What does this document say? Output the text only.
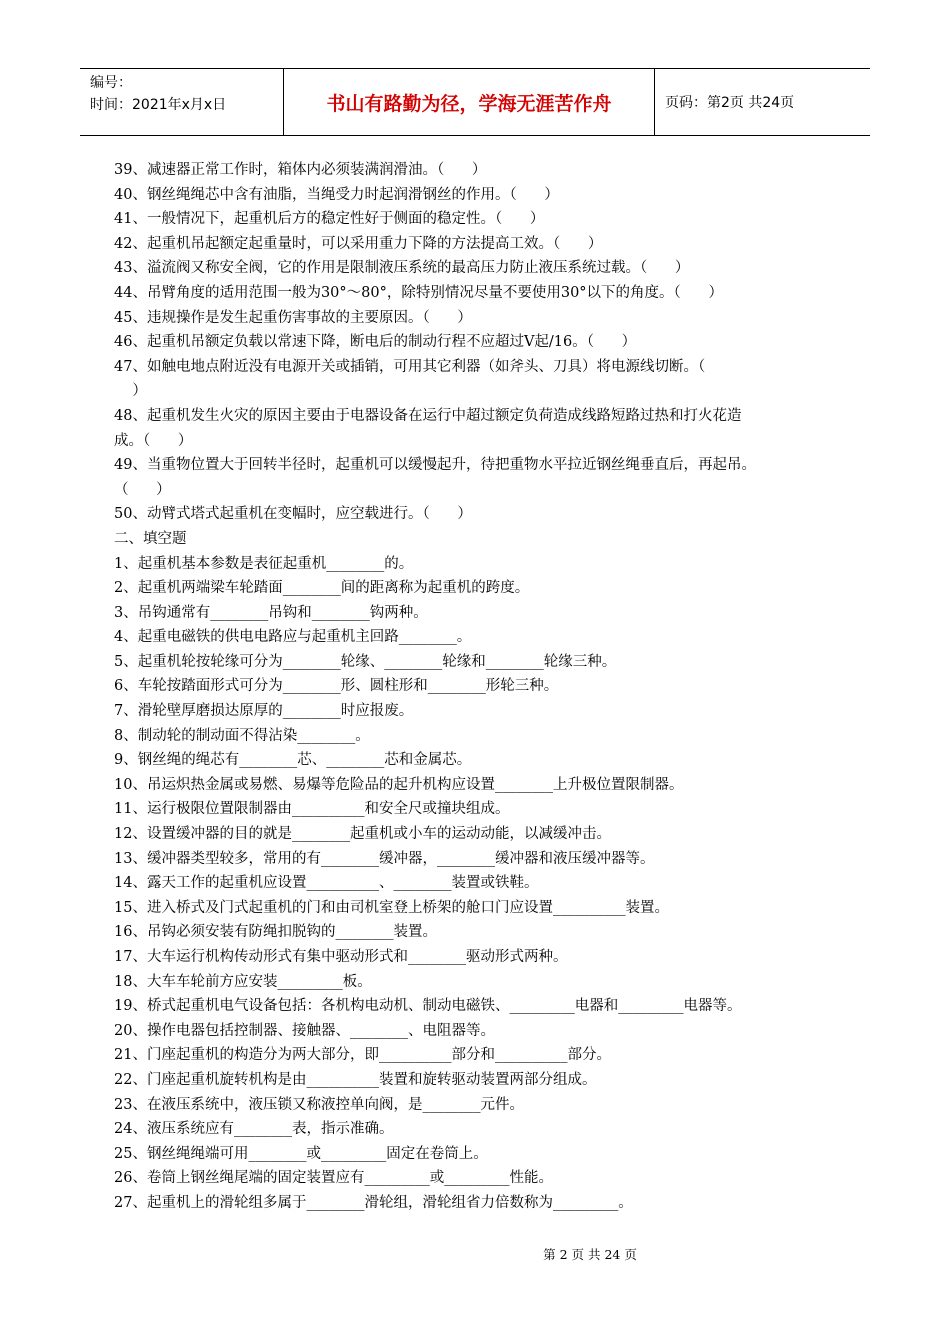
编号：
时间：2021年x月x日	书山有路勤为径，学海无涯苦作舟	页码：第2页 共24页
39、减速器正常工作时，箱体内必须装满润滑油。（      ）
40、钢丝绳绳芯中含有油脂，当绳受力时起润滑钢丝的作用。（      ）
41、一般情况下，起重机后方的稳定性好于侧面的稳定性。（      ）
42、起重机吊起额定起重量时，可以采用重力下降的方法提高工效。（      ）
43、溢流阀又称安全阀，它的作用是限制液压系统的最高压力防止液压系统过载。（      ）
44、吊臂角度的适用范围一般为30°～80°，除特别情况尽量不要使用30°以下的角度。（      ）
45、违规操作是发生起重伤害事故的主要原因。（      ）
46、起重机吊额定负载以常速下降，断电后的制动行程不应超过V起/16。（      ）
47、如触电地点附近没有电源开关或插销，可用其它利器（如斧头、刀具）将电源线切断。（
）
48、起重机发生火灾的原因主要由于电器设备在运行中超过额定负荷造成线路短路过热和打火花造
成。（      ）
49、当重物位置大于回转半径时，起重机可以缓慢起升，待把重物水平拉近钢丝绳垂直后，再起吊。
（      ）
50、动臂式塔式起重机在变幅时，应空载进行。（      ）
二、填空题
1、起重机基本参数是表征起重机________的。
2、起重机两端梁车轮踏面________间的距离称为起重机的跨度。
3、吊钩通常有________吊钩和________钩两种。
4、起重电磁铁的供电电路应与起重机主回路________。
5、起重机轮按轮缘可分为________轮缘、________轮缘和________轮缘三种。
6、车轮按踏面形式可分为________形、圆柱形和________形轮三种。
7、滑轮壁厚磨损达原厚的________时应报废。
8、制动轮的制动面不得沾染________。
9、钢丝绳的绳芯有________芯、________芯和金属芯。
10、吊运炽热金属或易燃、易爆等危险品的起升机构应设置________上升极位置限制器。
11、运行极限位置限制器由__________和安全尺或撞块组成。
12、设置缓冲器的目的就是________起重机或小车的运动动能，以减缓冲击。
13、缓冲器类型较多，常用的有________缓冲器，________缓冲器和液压缓冲器等。
14、露天工作的起重机应设置__________、________装置或铁鞋。
15、进入桥式及门式起重机的门和由司机室登上桥架的舱口门应设置__________装置。
16、吊钩必须安装有防绳扣脱钩的________装置。
17、大车运行机构传动形式有集中驱动形式和________驱动形式两种。
18、大车车轮前方应安装_________板。
19、桥式起重机电气设备包括：各机构电动机、制动电磁铁、_________电器和_________电器等。
20、操作电器包括控制器、接触器、________、电阻器等。
21、门座起重机的构造分为两大部分，即__________部分和__________部分。
22、门座起重机旋转机构是由__________装置和旋转驱动装置两部分组成。
23、在液压系统中，液压锁又称液控单向阀，是________元件。
24、液压系统应有________表，指示准确。
25、钢丝绳绳端可用________或_________固定在卷筒上。
26、卷筒上钢丝绳尾端的固定装置应有_________或_________性能。
27、起重机上的滑轮组多属于________滑轮组，滑轮组省力倍数称为_________。
第 2 页 共 24 页
